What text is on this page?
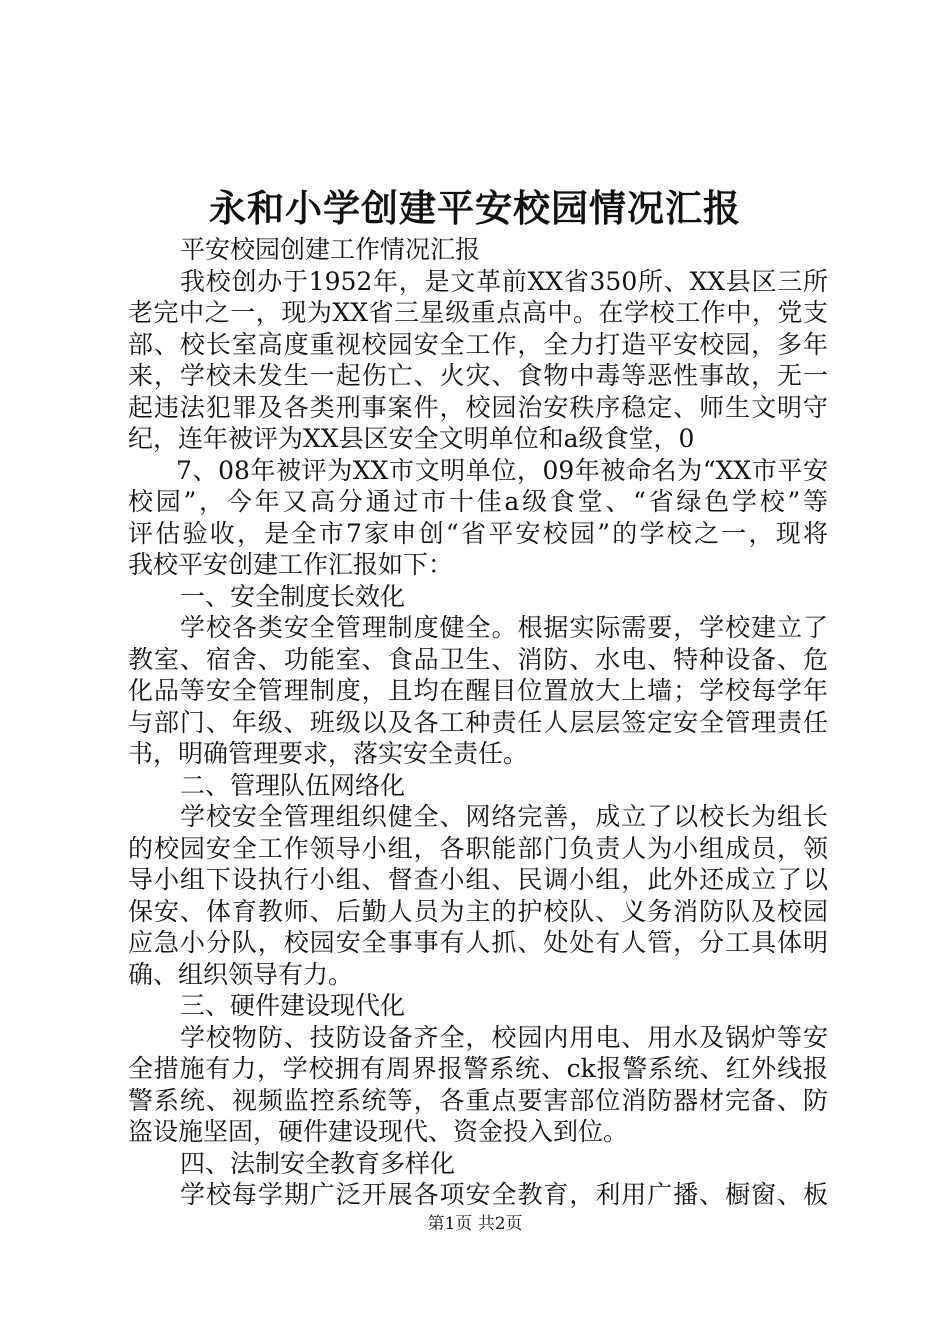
永和小学创建平安校园情况汇报
平安校园创建工作情况汇报
我校创办于1952年，是文革前XX省350所、XX县区三所
老完中之一，现为XX省三星级重点高中。在学校工作中，党支
部、校长室高度重视校园安全工作，全力打造平安校园，多年
来，学校未发生一起伤亡、火灾、食物中毒等恶性事故，无一
起违法犯罪及各类刑事案件，校园治安秩序稳定、师生文明守
纪，连年被评为XX县区安全文明单位和a级食堂，0
7、08年被评为XX市文明单位，09年被命名为“XX市平安
校园”，今年又高分通过市十佳a级食堂、“省绿色学校”等
评估验收，是全市7家申创“省平安校园”的学校之一，现将
我校平安创建工作汇报如下：
一、安全制度长效化
学校各类安全管理制度健全。根据实际需要，学校建立了
教室、宿舍、功能室、食品卫生、消防、水电、特种设备、危
化品等安全管理制度，且均在醒目位置放大上墙；学校每学年
与部门、年级、班级以及各工种责任人层层签定安全管理责任
书，明确管理要求，落实安全责任。
二、管理队伍网络化
学校安全管理组织健全、网络完善，成立了以校长为组长
的校园安全工作领导小组，各职能部门负责人为小组成员，领
导小组下设执行小组、督查小组、民调小组，此外还成立了以
保安、体育教师、后勤人员为主的护校队、义务消防队及校园
应急小分队，校园安全事事有人抓、处处有人管，分工具体明
确、组织领导有力。
三、硬件建设现代化
学校物防、技防设备齐全，校园内用电、用水及锅炉等安
全措施有力，学校拥有周界报警系统、ck报警系统、红外线报
警系统、视频监控系统等，各重点要害部位消防器材完备、防
盗设施坚固，硬件建设现代、资金投入到位。
四、法制安全教育多样化
学校每学期广泛开展各项安全教育，利用广播、橱窗、板
第1页 共2页
